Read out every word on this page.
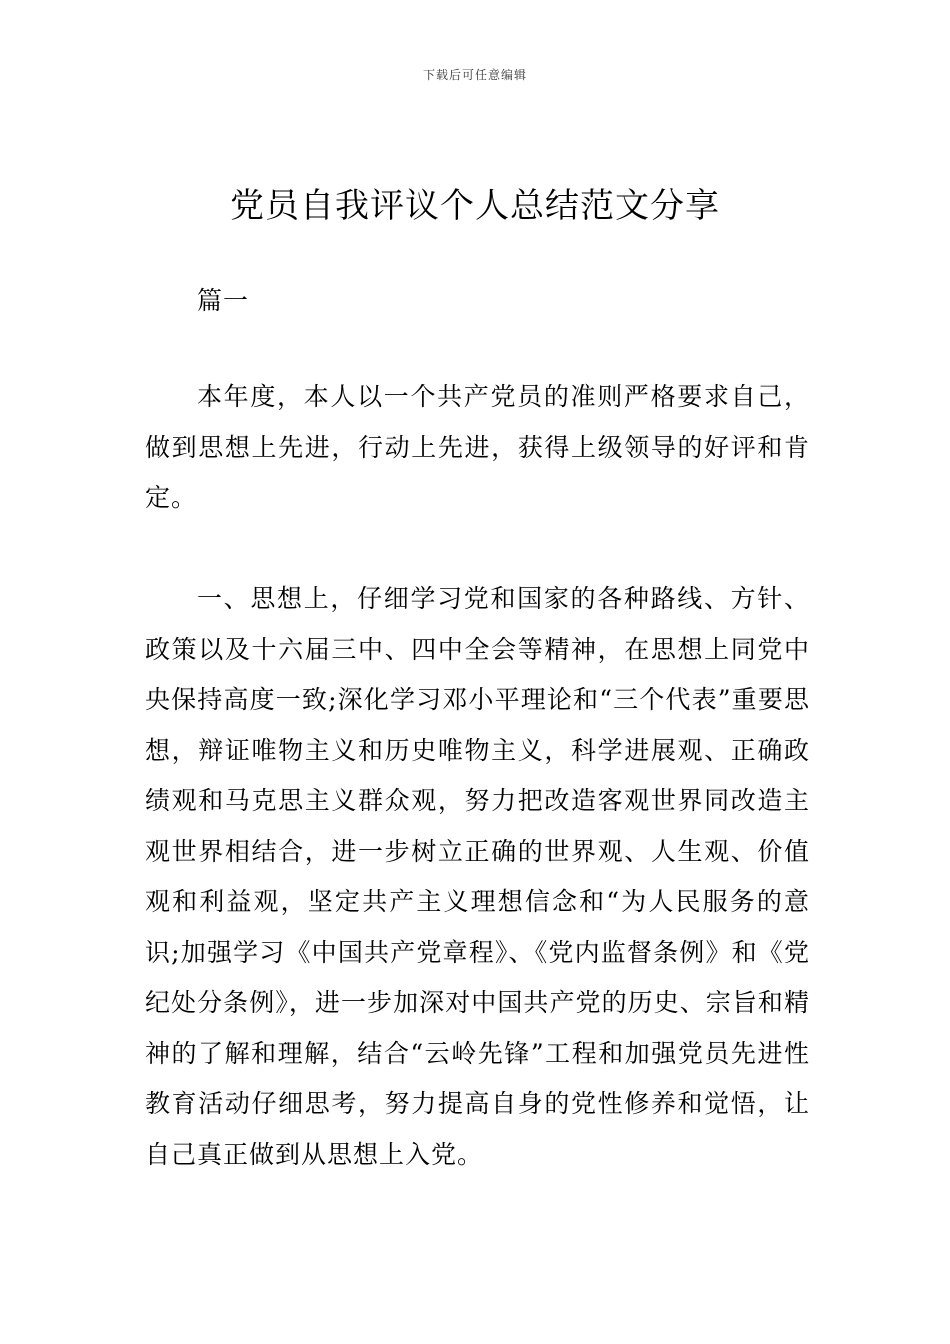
下载后可任意编辑
党员自我评议个人总结范文分享

篇一

本年度，本人以一个共产党员的准则严格要求自己，做到思想上先进，行动上先进，获得上级领导的好评和肯定。

一、思想上，仔细学习党和国家的各种路线、方针、政策以及十六届三中、四中全会等精神，在思想上同党中央保持高度一致;深化学习邓小平理论和“三个代表”重要思想，辩证唯物主义和历史唯物主义，科学进展观、正确政绩观和马克思主义群众观，努力把改造客观世界同改造主观世界相结合，进一步树立正确的世界观、人生观、价值观和利益观，坚定共产主义理想信念和“为人民服务的意识;加强学习《中国共产党章程》、《党内监督条例》和《党纪处分条例》，进一步加深对中国共产党的历史、宗旨和精神的了解和理解，结合“云岭先锋”工程和加强党员先进性教育活动仔细思考，努力提高自身的党性修养和觉悟，让自己真正做到从思想上入党。
